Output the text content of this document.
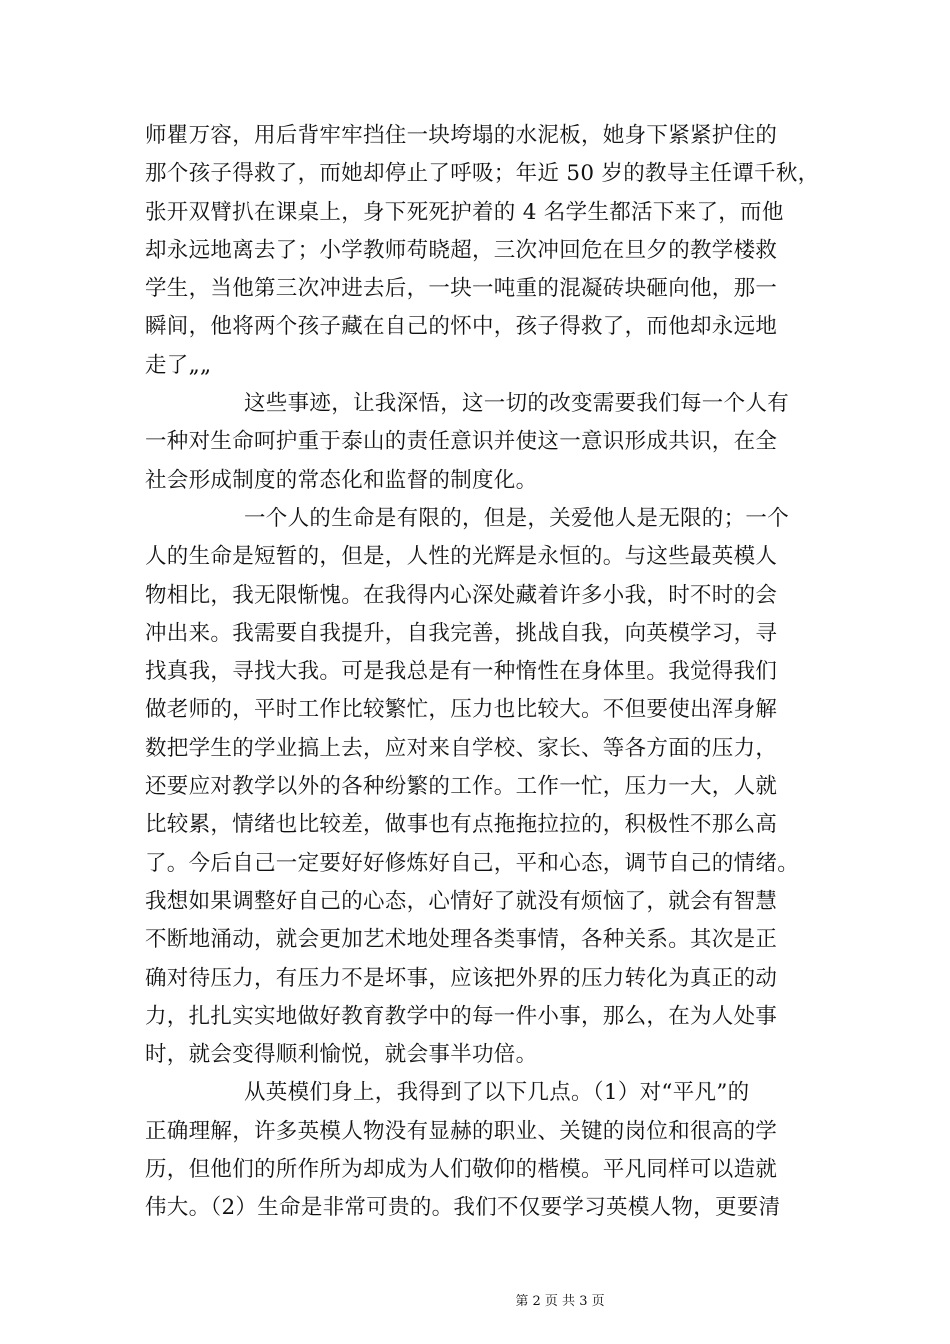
师瞿万容，用后背牢牢挡住一块垮塌的水泥板，她身下紧紧护住的
那个孩子得救了，而她却停止了呼吸；年近 50 岁的教导主任谭千秋，
张开双臂扒在课桌上，身下死死护着的 4 名学生都活下来了，而他
却永远地离去了；小学教师苟晓超，三次冲回危在旦夕的教学楼救
学生，当他第三次冲进去后，一块一吨重的混凝砖块砸向他，那一
瞬间，他将两个孩子藏在自己的怀中，孩子得救了，而他却永远地
走了„„
这些事迹，让我深悟，这一切的改变需要我们每一个人有
一种对生命呵护重于泰山的责任意识并使这一意识形成共识，在全
社会形成制度的常态化和监督的制度化。
一个人的生命是有限的，但是，关爱他人是无限的；一个
人的生命是短暂的，但是，人性的光辉是永恒的。与这些最英模人
物相比，我无限惭愧。在我得内心深处藏着许多小我，时不时的会
冲出来。我需要自我提升，自我完善，挑战自我，向英模学习，寻
找真我，寻找大我。可是我总是有一种惰性在身体里。我觉得我们
做老师的，平时工作比较繁忙，压力也比较大。不但要使出浑身解
数把学生的学业搞上去，应对来自学校、家长、等各方面的压力，
还要应对教学以外的各种纷繁的工作。工作一忙，压力一大，人就
比较累，情绪也比较差，做事也有点拖拖拉拉的，积极性不那么高
了。今后自己一定要好好修炼好自己，平和心态，调节自己的情绪。
我想如果调整好自己的心态，心情好了就没有烦恼了，就会有智慧
不断地涌动，就会更加艺术地处理各类事情，各种关系。其次是正
确对待压力，有压力不是坏事，应该把外界的压力转化为真正的动
力，扎扎实实地做好教育教学中的每一件小事，那么，在为人处事
时，就会变得顺利愉悦，就会事半功倍。
从英模们身上，我得到了以下几点。（1）对“平凡”的
正确理解，许多英模人物没有显赫的职业、关键的岗位和很高的学
历，但他们的所作所为却成为人们敬仰的楷模。平凡同样可以造就
伟大。（2）生命是非常可贵的。我们不仅要学习英模人物，更要清
第 2 页 共 3 页
